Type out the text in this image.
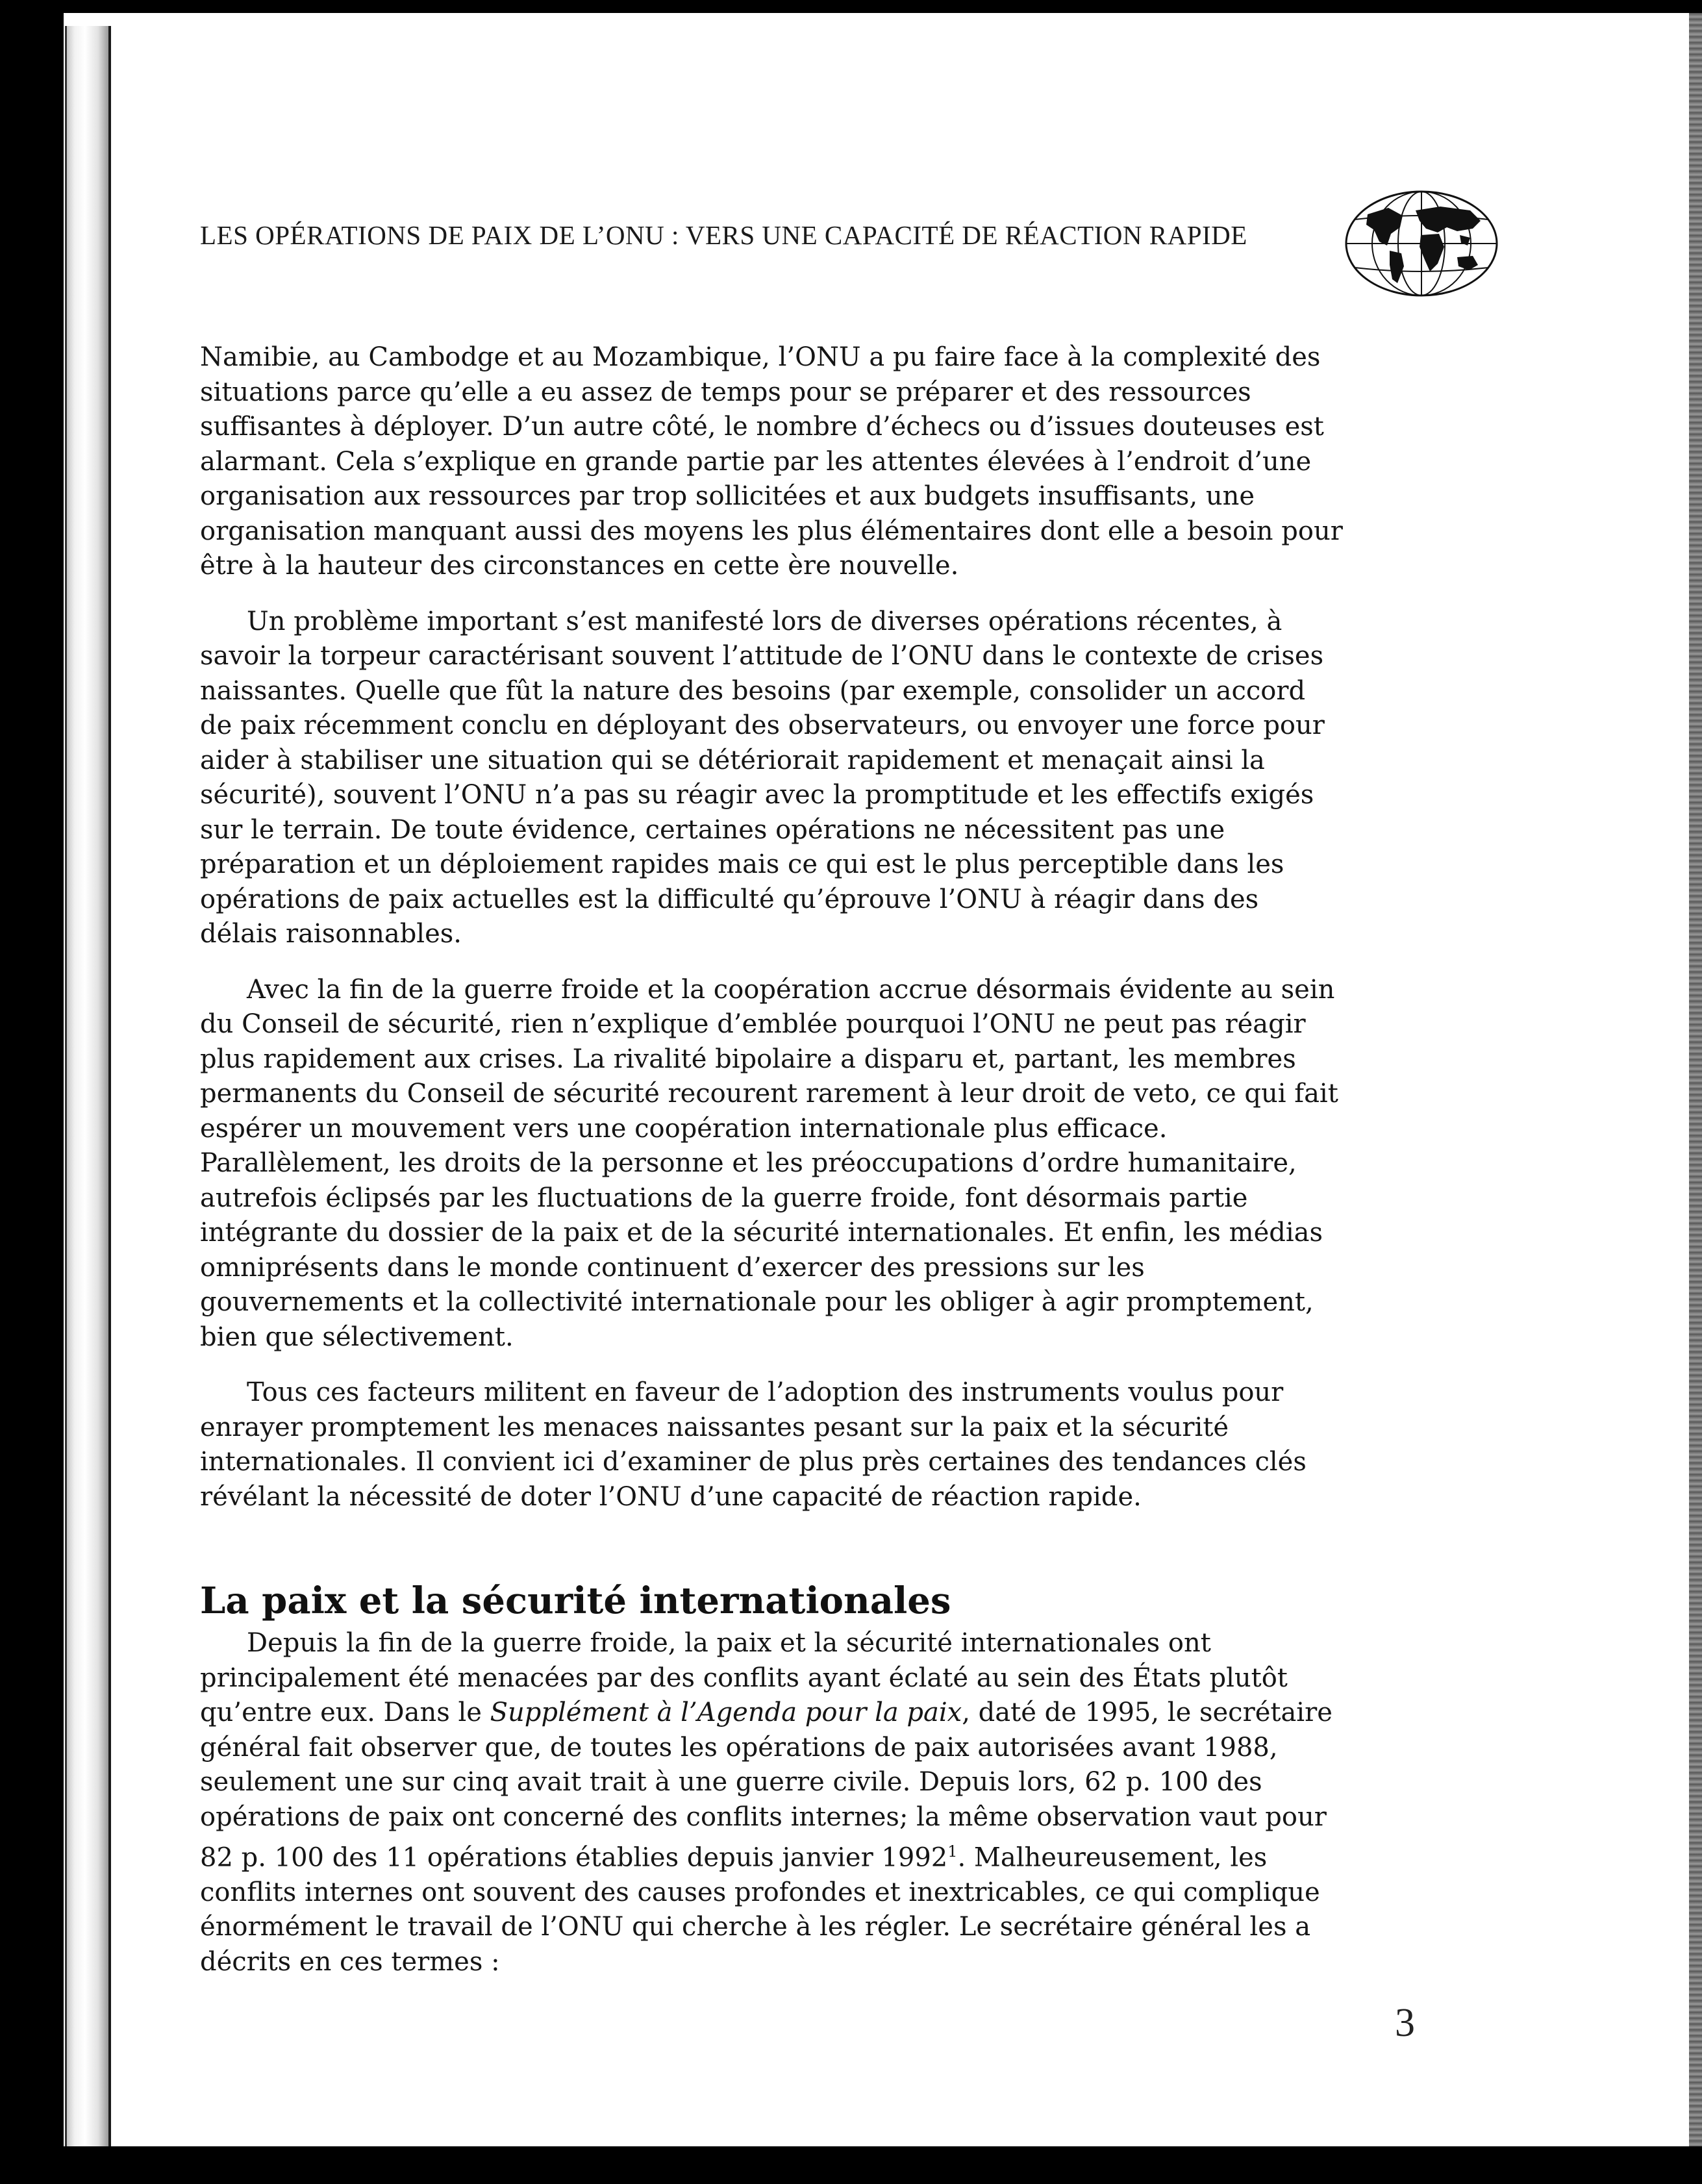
LES OPÉRATIONS DE PAIX DE L’ONU : VERS UNE CAPACITÉ DE RÉACTION RAPIDE

Namibie, au Cambodge et au Mozambique, l’ONU a pu faire face à la complexité des situations parce qu’elle a eu assez de temps pour se préparer et des ressources suffisantes à déployer. D’un autre côté, le nombre d’échecs ou d’issues douteuses est alarmant. Cela s’explique en grande partie par les attentes élevées à l’endroit d’une organisation aux ressources par trop sollicitées et aux budgets insuffisants, une organisation manquant aussi des moyens les plus élémentaires dont elle a besoin pour être à la hauteur des circonstances en cette ère nouvelle.

Un problème important s’est manifesté lors de diverses opérations récentes, à savoir la torpeur caractérisant souvent l’attitude de l’ONU dans le contexte de crises naissantes. Quelle que fût la nature des besoins (par exemple, consolider un accord de paix récemment conclu en déployant des observateurs, ou envoyer une force pour aider à stabiliser une situation qui se détériorait rapidement et menaçait ainsi la sécurité), souvent l’ONU n’a pas su réagir avec la promptitude et les effectifs exigés sur le terrain. De toute évidence, certaines opérations ne nécessitent pas une préparation et un déploiement rapides mais ce qui est le plus perceptible dans les opérations de paix actuelles est la difficulté qu’éprouve l’ONU à réagir dans des délais raisonnables.

Avec la fin de la guerre froide et la coopération accrue désormais évidente au sein du Conseil de sécurité, rien n’explique d’emblée pourquoi l’ONU ne peut pas réagir plus rapidement aux crises. La rivalité bipolaire a disparu et, partant, les membres permanents du Conseil de sécurité recourent rarement à leur droit de veto, ce qui fait espérer un mouvement vers une coopération internationale plus efficace. Parallèlement, les droits de la personne et les préoccupations d’ordre humanitaire, autrefois éclipsés par les fluctuations de la guerre froide, font désormais partie intégrante du dossier de la paix et de la sécurité internationales. Et enfin, les médias omniprésents dans le monde continuent d’exercer des pressions sur les gouvernements et la collectivité internationale pour les obliger à agir promptement, bien que sélectivement.

Tous ces facteurs militent en faveur de l’adoption des instruments voulus pour enrayer promptement les menaces naissantes pesant sur la paix et la sécurité internationales. Il convient ici d’examiner de plus près certaines des tendances clés révélant la nécessité de doter l’ONU d’une capacité de réaction rapide.

La paix et la sécurité internationales

Depuis la fin de la guerre froide, la paix et la sécurité internationales ont principalement été menacées par des conflits ayant éclaté au sein des États plutôt qu’entre eux. Dans le Supplément à l’Agenda pour la paix, daté de 1995, le secrétaire général fait observer que, de toutes les opérations de paix autorisées avant 1988, seulement une sur cinq avait trait à une guerre civile. Depuis lors, 62 p. 100 des opérations de paix ont concerné des conflits internes; la même observation vaut pour 82 p. 100 des 11 opérations établies depuis janvier 1992$^1$. Malheureusement, les conflits internes ont souvent des causes profondes et inextricables, ce qui complique énormément le travail de l’ONU qui cherche à les régler. Le secrétaire général les a décrits en ces termes :

3
